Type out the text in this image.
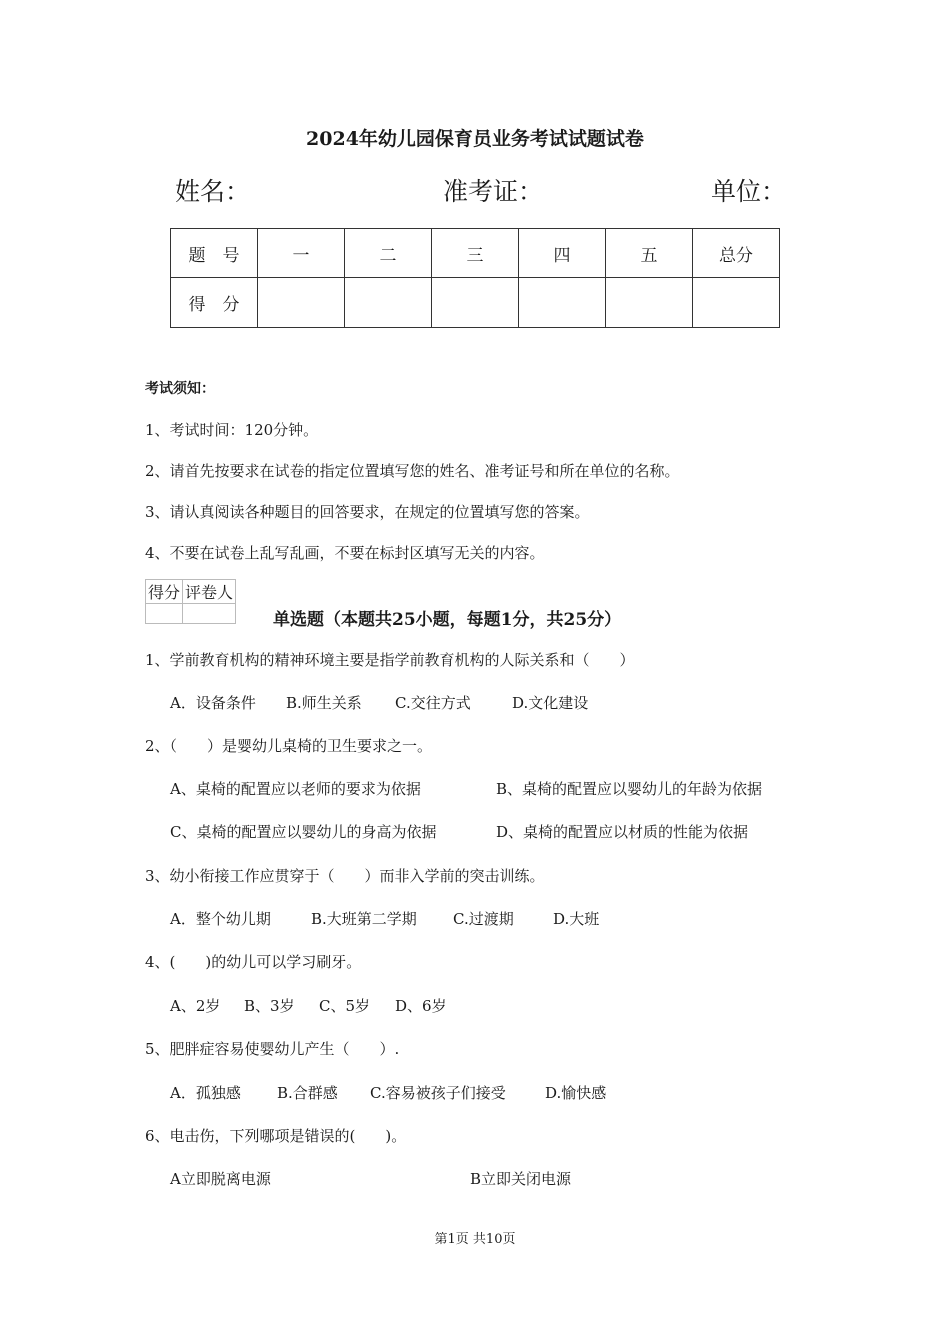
2024年幼儿园保育员业务考试试题试卷
姓名：	准考证：	单位：
题　号	一	二	三	四	五	总分
得　分						
考试须知：
1、考试时间：120分钟。
2、请首先按要求在试卷的指定位置填写您的姓名、准考证号和所在单位的名称。
3、请认真阅读各种题目的回答要求，在规定的位置填写您的答案。
4、不要在试卷上乱写乱画，不要在标封区填写无关的内容。
得分	评卷人

单选题（本题共25小题，每题1分，共25分）
1、学前教育机构的精神环境主要是指学前教育机构的人际关系和（　　）
A．设备条件 B.师生关系 C.交往方式	D.文化建设
2、（　　）是婴幼儿桌椅的卫生要求之一。
A、桌椅的配置应以老师的要求为依据	B、桌椅的配置应以婴幼儿的年龄为依据
C、桌椅的配置应以婴幼儿的身高为依据	D、桌椅的配置应以材质的性能为依据
3、幼小衔接工作应贯穿于（　　）而非入学前的突击训练。
A．整个幼儿期	B.大班第二学期 C.过渡期	D.大班
4、(　　)的幼儿可以学习刷牙。
A、2岁 B、3岁 C、5岁 D、6岁
5、肥胖症容易使婴幼儿产生（　　）.
A．孤独感 B.合群感 C.容易被孩子们接受	D.愉快感
6、电击伤，下列哪项是错误的(　　)。
A立即脱离电源	B立即关闭电源
第1页 共10页
